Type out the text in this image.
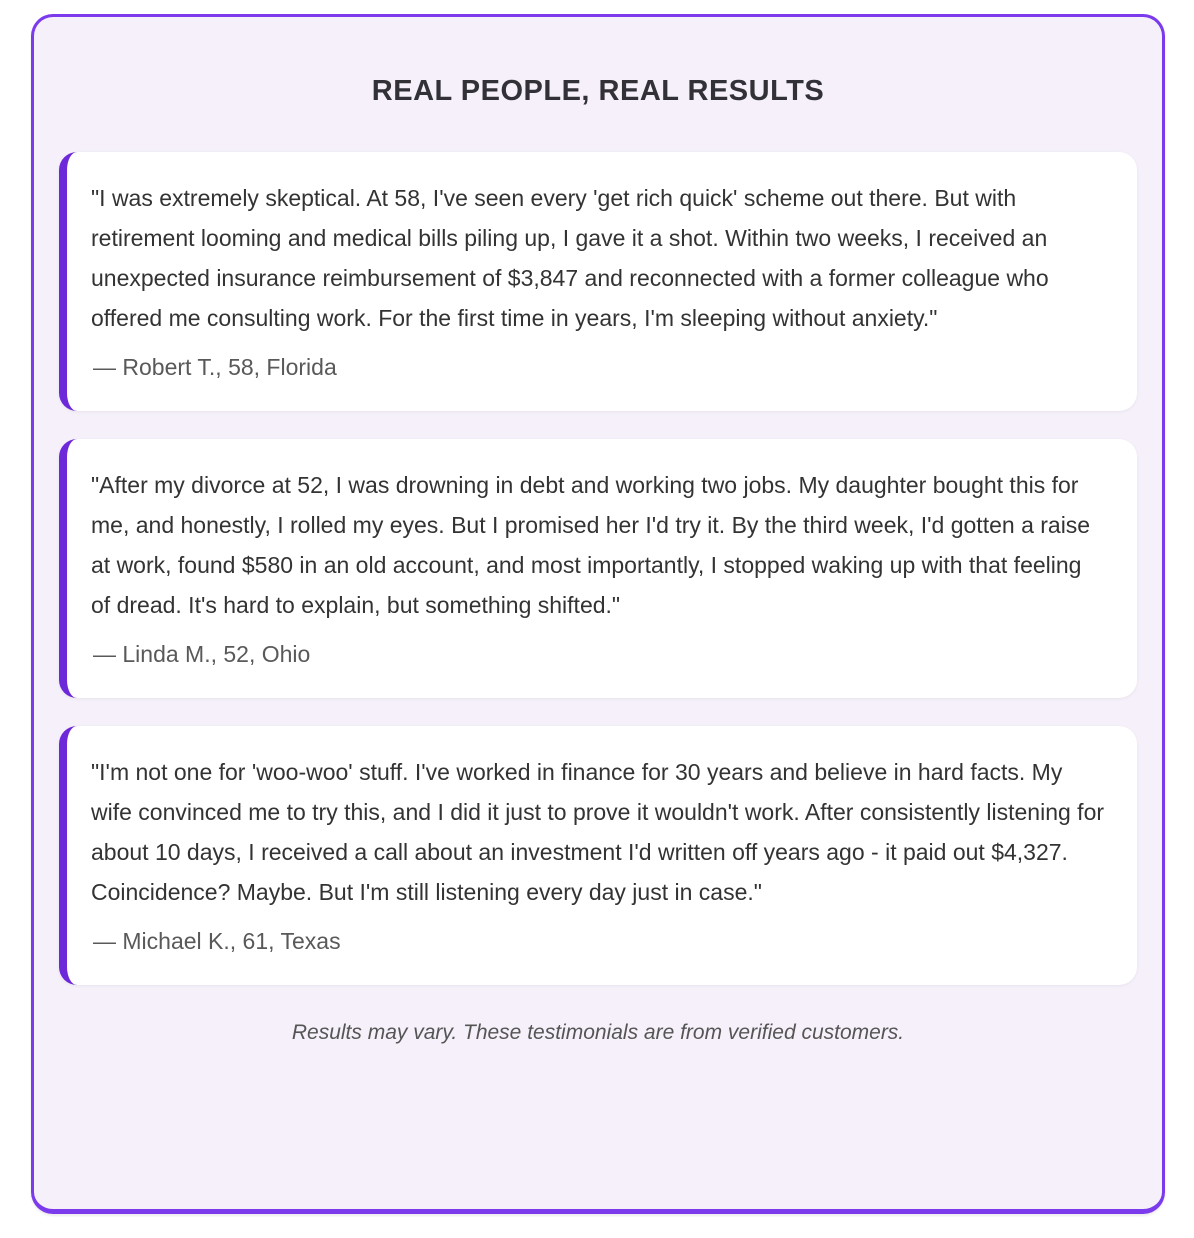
REAL PEOPLE, REAL RESULTS

"I was extremely skeptical. At 58, I've seen every 'get rich quick' scheme out there. But with retirement looming and medical bills piling up, I gave it a shot. Within two weeks, I received an unexpected insurance reimbursement of $3,847 and reconnected with a former colleague who offered me consulting work. For the first time in years, I'm sleeping without anxiety."

— Robert T., 58, Florida

"After my divorce at 52, I was drowning in debt and working two jobs. My daughter bought this for me, and honestly, I rolled my eyes. But I promised her I'd try it. By the third week, I'd gotten a raise at work, found $580 in an old account, and most importantly, I stopped waking up with that feeling of dread. It's hard to explain, but something shifted."

— Linda M., 52, Ohio

"I'm not one for 'woo-woo' stuff. I've worked in finance for 30 years and believe in hard facts. My wife convinced me to try this, and I did it just to prove it wouldn't work. After consistently listening for about 10 days, I received a call about an investment I'd written off years ago - it paid out $4,327. Coincidence? Maybe. But I'm still listening every day just in case."

— Michael K., 61, Texas

Results may vary. These testimonials are from verified customers.
